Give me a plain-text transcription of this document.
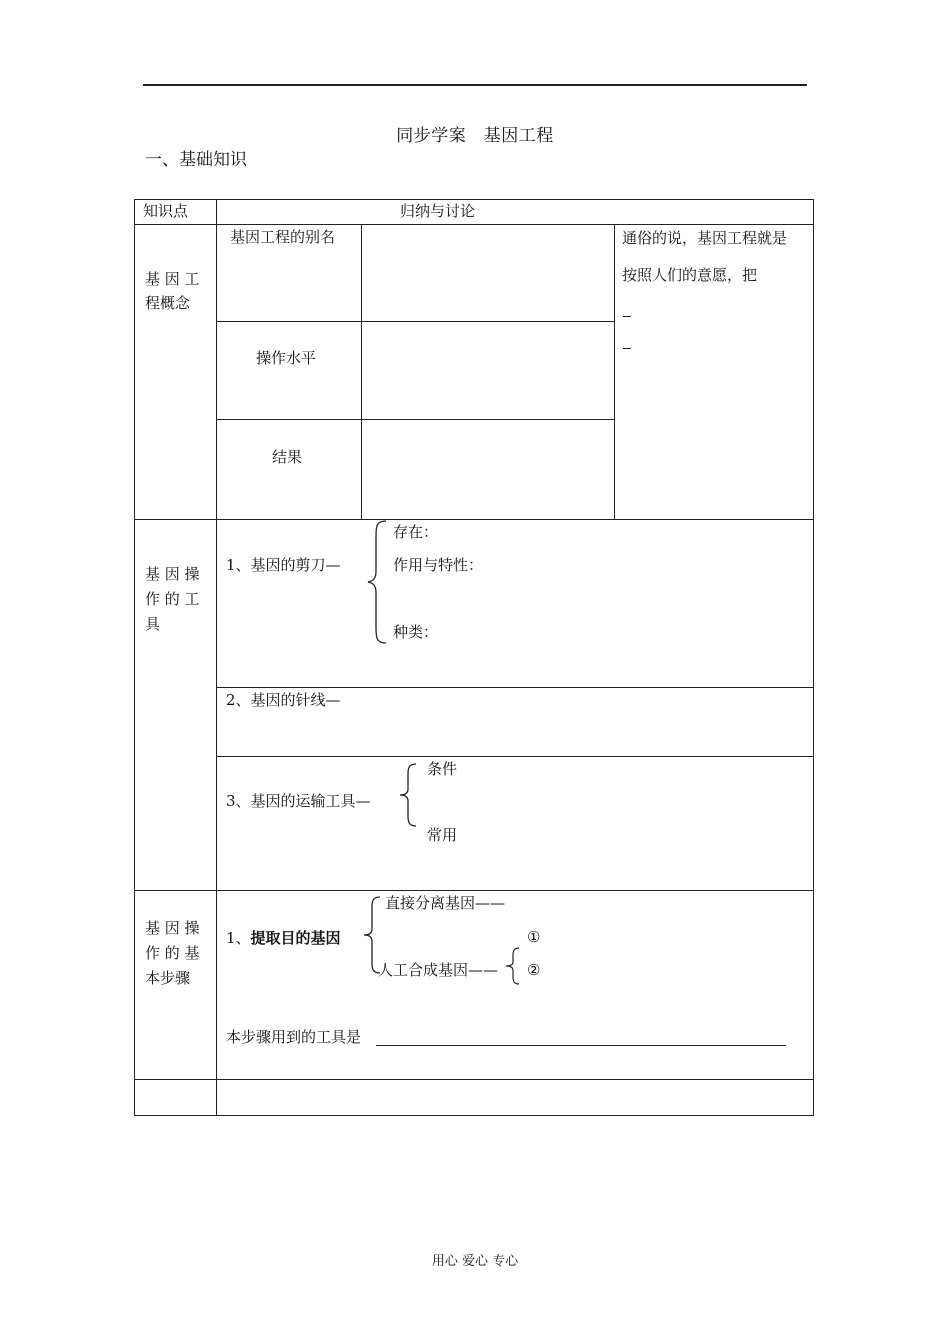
同步学案　基因工程
一、基础知识
知识点	归纳与讨论
基 因 工
程概念
基因工程的别名
操作水平
结果
通俗的说，基因工程就是
按照人们的意愿，把
基 因 操
作 的 工
具
1、基因的剪刀—
存在：
作用与特性：
种类：
2、基因的针线—
3、基因的运输工具—
条件
常用
基 因 操
作 的 基
本步骤
1、提取目的基因
直接分离基因——
人工合成基因——
①
②
本步骤用到的工具是
用心 爱心 专心
